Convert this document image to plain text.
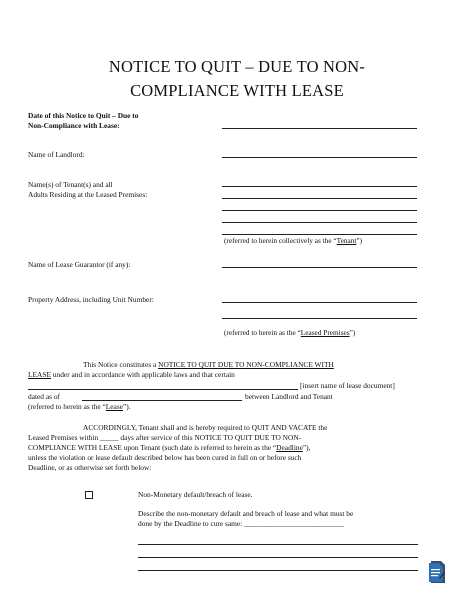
NOTICE TO QUIT – DUE TO NON-
COMPLIANCE WITH LEASE
Date of this Notice to Quit – Due to
Non-Compliance with Lease:
Name of Landlord:
Name(s) of Tenant(s) and all
Adults Residing at the Leased Premises:
(referred to herein collectively as the “Tenant”)
Name of Lease Guarantor (if any):
Property Address, including Unit Number:
(referred to herein as the “Leased Premises”)
This Notice constitutes a NOTICE TO QUIT DUE TO NON-COMPLIANCE WITH
LEASE under and in accordance with applicable laws and that certain
[insert name of lease document]
dated as of	between Landlord and Tenant
(referred to herein as the “Lease”).
ACCORDINGLY, Tenant shall and is hereby required to QUIT AND VACATE the
Leased Premises within _____ days after service of this NOTICE TO QUIT DUE TO NON-
COMPLIANCE WITH LEASE upon Tenant (such date is referred to herein as the “Deadline”),
unless the violation or lease default described below has been cured in full on or before such
Deadline, or as otherwise set forth below:
Non-Monetary default/breach of lease.
Describe the non-monetary default and breach of lease and what must be
done by the Deadline to cure same: ___________________________
